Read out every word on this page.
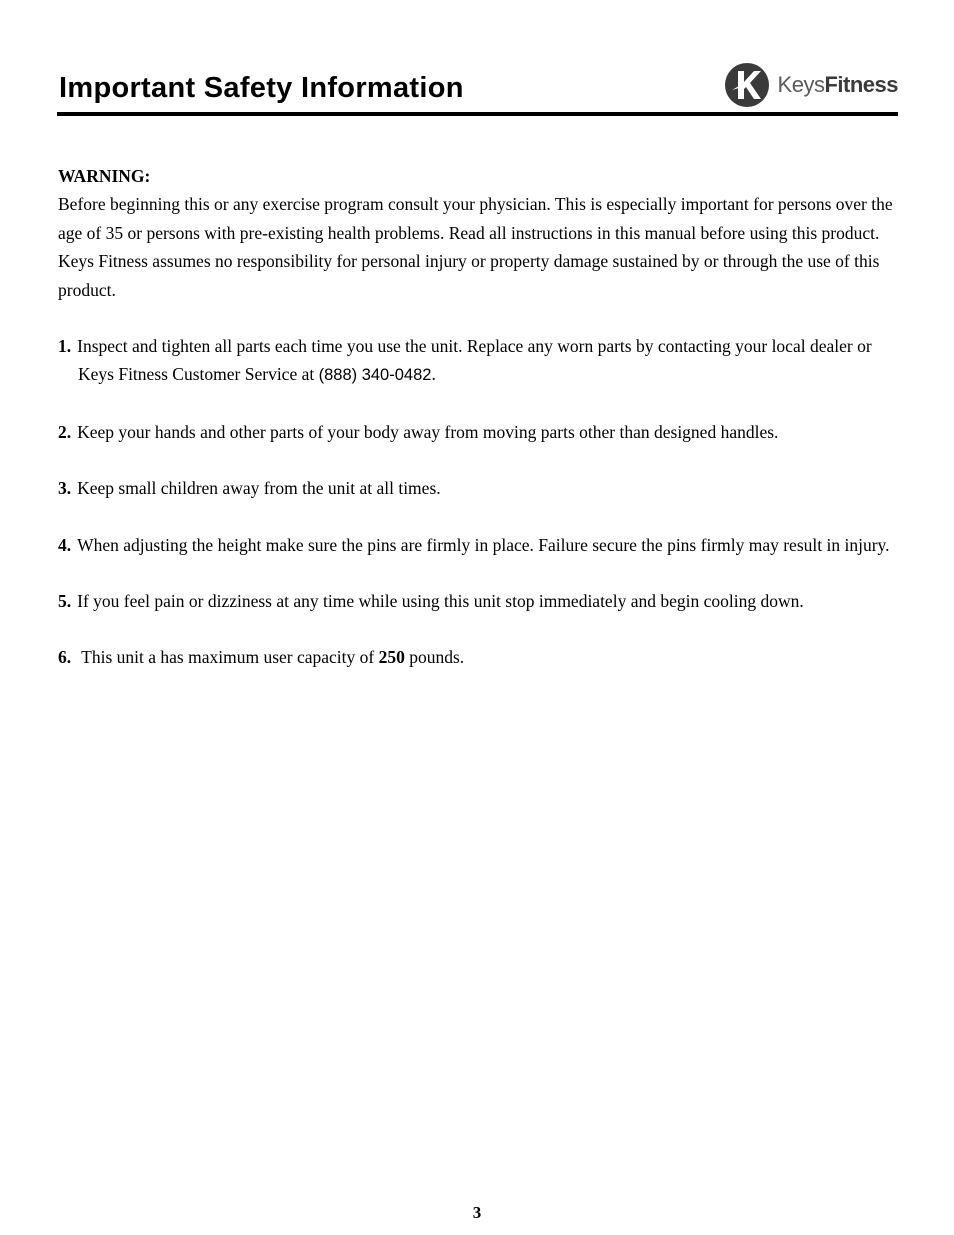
Important Safety Information	KeysFitness
WARNING:

Before beginning this or any exercise program consult your physician. This is especially important for persons over the age of 35 or persons with pre-existing health problems. Read all instructions in this manual before using this product. Keys Fitness assumes no responsibility for personal injury or property damage sustained by or through the use of this product.

1. Inspect and tighten all parts each time you use the unit. Replace any worn parts by contacting your local dealer or Keys Fitness Customer Service at (888) 340-0482.
2. Keep your hands and other parts of your body away from moving parts other than designed handles.
3. Keep small children away from the unit at all times.
4. When adjusting the height make sure the pins are firmly in place. Failure secure the pins firmly may result in injury.
5. If you feel pain or dizziness at any time while using this unit stop immediately and begin cooling down.
6. This unit a has maximum user capacity of 250 pounds.
3
